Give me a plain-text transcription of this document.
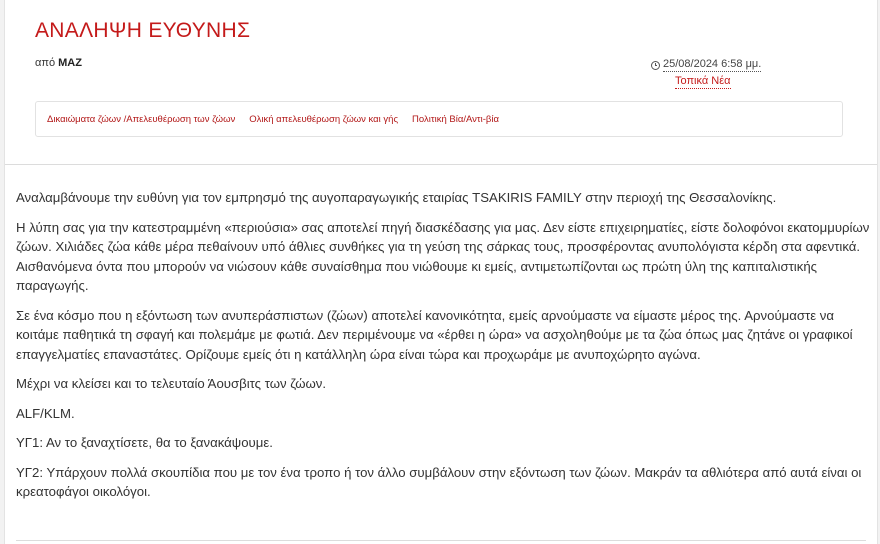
ΑΝΑΛΗΨΗ ΕΥΘΥΝΗΣ
από MAZ	25/08/2024 6:58 μμ.
Τοπικά Νέα
Δικαιώματα ζώων /Απελευθέρωση των ζώων Ολική απελευθέρωση ζώων και γής Πολιτική Βία/Αντι-βία

Αναλαμβάνουμε την ευθύνη για τον εμπρησμό της αυγοπαραγωγικής εταιρίας TSAKIRIS FAMILY στην περιοχή της Θεσσαλονίκης.

Η λύπη σας για την κατεστραμμένη «περιούσια» σας αποτελεί πηγή διασκέδασης για μας. Δεν είστε επιχειρηματίες, είστε δολοφόνοι εκατομμυρίων ζώων. Χιλιάδες ζώα κάθε μέρα πεθαίνουν υπό άθλιες συνθήκες για τη γεύση της σάρκας τους, προσφέροντας ανυπολόγιστα κέρδη στα αφεντικά. Αισθανόμενα όντα που μπορούν να νιώσουν κάθε συναίσθημα που νιώθουμε κι εμείς, αντιμετωπίζονται ως πρώτη ύλη της καπιταλιστικής παραγωγής.

Σε ένα κόσμο που η εξόντωση των ανυπεράσπιστων (ζώων) αποτελεί κανονικότητα, εμείς αρνούμαστε να είμαστε μέρος της. Αρνούμαστε να κοιτάμε παθητικά τη σφαγή και πολεμάμε με φωτιά. Δεν περιμένουμε να «έρθει η ώρα» να ασχοληθούμε με τα ζώα όπως μας ζητάνε οι γραφικοί επαγγελματίες επαναστάτες. Ορίζουμε εμείς ότι η κατάλληλη ώρα είναι τώρα και προχωράμε με ανυποχώρητο αγώνα.

Μέχρι να κλείσει και το τελευταίο Άουσβιτς των ζώων.

ALF/KLM.

ΥΓ1: Αν το ξαναχτίσετε, θα το ξανακάψουμε.

ΥΓ2: Υπάρχουν πολλά σκουπίδια που με τον ένα τροπο ή τον άλλο συμβάλουν στην εξόντωση των ζώων. Μακράν τα αθλιότερα από αυτά είναι οι κρεατοφάγοι οικολόγοι.
